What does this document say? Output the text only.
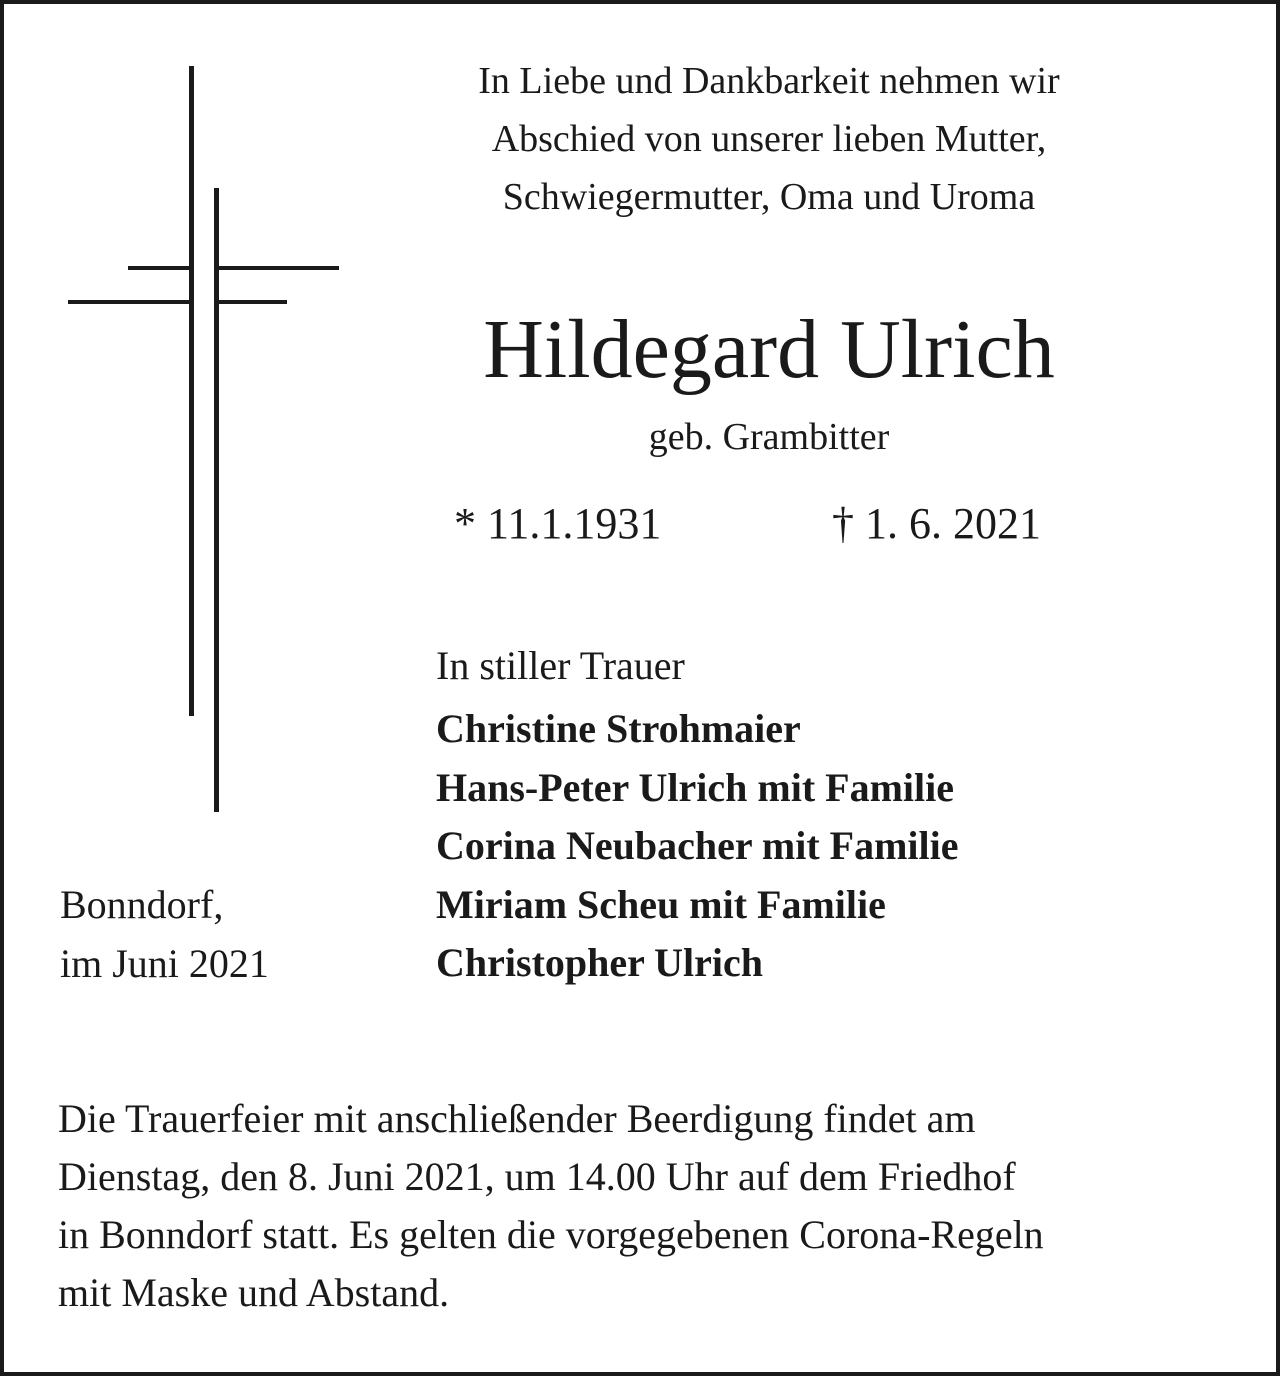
In Liebe und Dankbarkeit nehmen wir
Abschied von unserer lieben Mutter,
Schwiegermutter, Oma und Uroma
Hildegard Ulrich
geb. Grambitter
* 11.1.1931	† 1. 6. 2021
In stiller Trauer
Christine Strohmaier
Hans-Peter Ulrich mit Familie
Corina Neubacher mit Familie
Miriam Scheu mit Familie
Christopher Ulrich
Bonndorf,
im Juni 2021
Die Trauerfeier mit anschließender Beerdigung findet am
Dienstag, den 8. Juni 2021, um 14.00 Uhr auf dem Friedhof
in Bonndorf statt. Es gelten die vorgegebenen Corona-Regeln
mit Maske und Abstand.
